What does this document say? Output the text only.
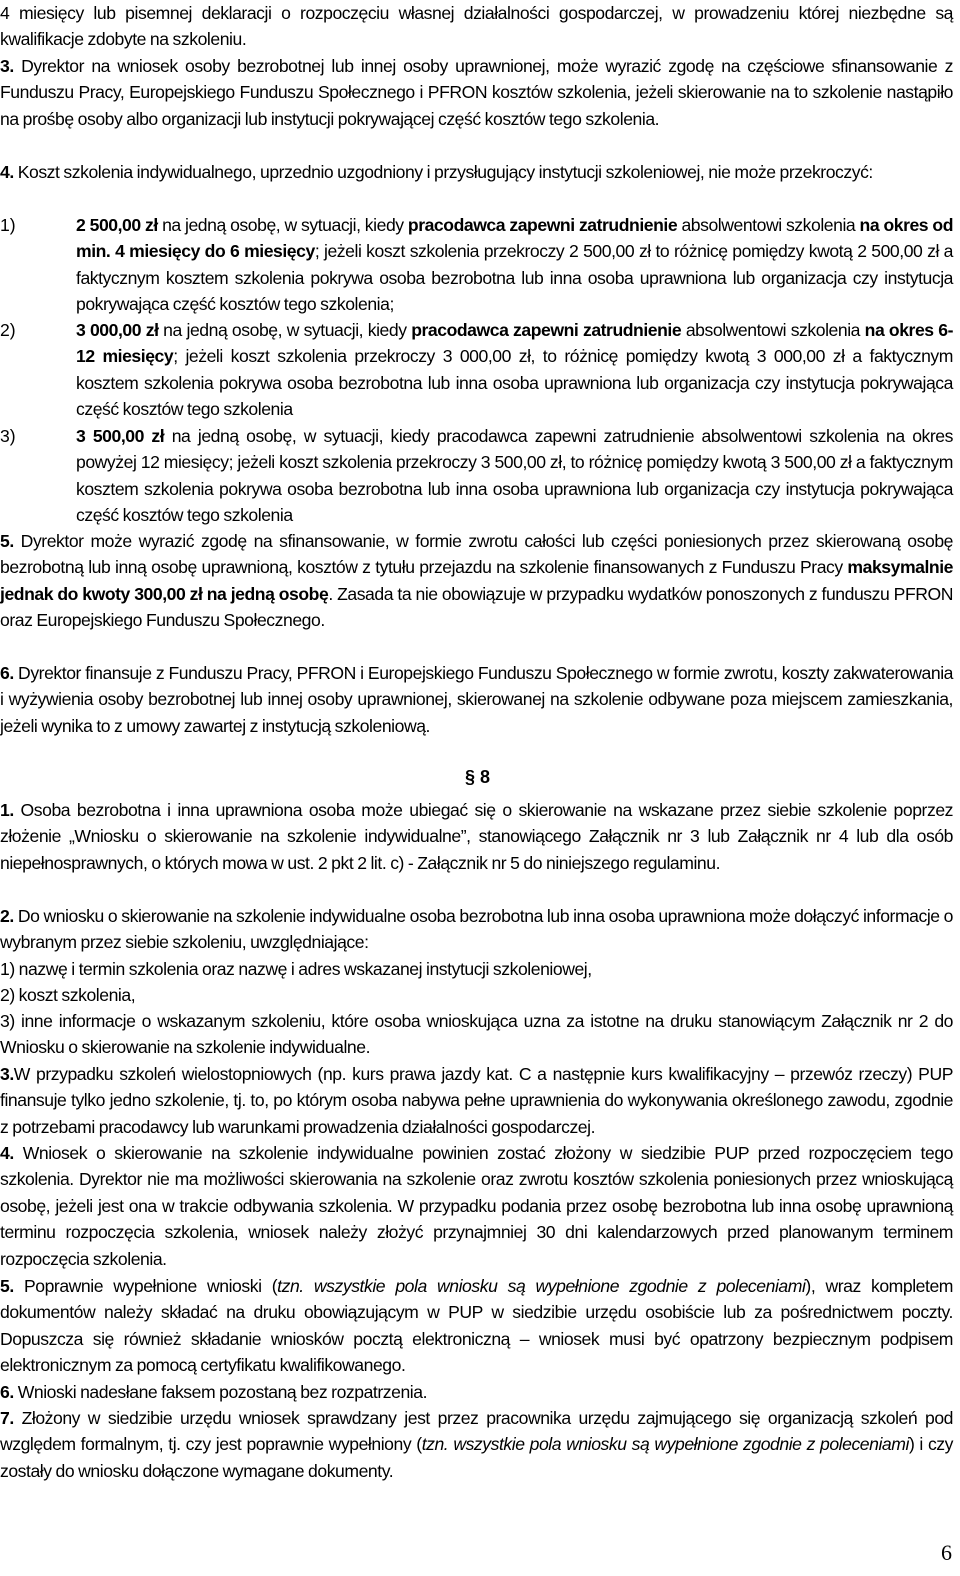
4 miesięcy lub pisemnej deklaracji o rozpoczęciu własnej działalności gospodarczej, w prowadzeniu której niezbędne są kwalifikacje zdobyte na szkoleniu.
3. Dyrektor na wniosek osoby bezrobotnej lub innej osoby uprawnionej, może wyrazić zgodę na częściowe sfinansowanie z Funduszu Pracy, Europejskiego Funduszu Społecznego i PFRON kosztów szkolenia, jeżeli skierowanie na to szkolenie nastąpiło na prośbę osoby albo organizacji lub instytucji pokrywającej część kosztów tego szkolenia.
4. Koszt szkolenia indywidualnego, uprzednio uzgodniony i przysługujący instytucji szkoleniowej, nie może przekroczyć:
1)	2 500,00 zł na jedną osobę, w sytuacji, kiedy pracodawca zapewni zatrudnienie absolwentowi szkolenia na okres od min. 4 miesięcy do 6 miesięcy; jeżeli koszt szkolenia przekroczy 2 500,00 zł to różnicę pomiędzy kwotą 2 500,00 zł a faktycznym kosztem szkolenia pokrywa osoba bezrobotna lub inna osoba uprawniona lub organizacja czy instytucja pokrywająca część kosztów tego szkolenia;
2)	3 000,00 zł na jedną osobę, w sytuacji, kiedy pracodawca zapewni zatrudnienie absolwentowi szkolenia na okres 6-12 miesięcy; jeżeli koszt szkolenia przekroczy 3 000,00 zł, to różnicę pomiędzy kwotą 3 000,00 zł a faktycznym kosztem szkolenia pokrywa osoba bezrobotna lub inna osoba uprawniona lub organizacja czy instytucja pokrywająca część kosztów tego szkolenia
3)	3 500,00 zł na jedną osobę, w sytuacji, kiedy pracodawca zapewni zatrudnienie absolwentowi szkolenia na okres powyżej 12 miesięcy; jeżeli koszt szkolenia przekroczy 3 500,00 zł, to różnicę pomiędzy kwotą 3 500,00 zł a faktycznym kosztem szkolenia pokrywa osoba bezrobotna lub inna osoba uprawniona lub organizacja czy instytucja pokrywająca część kosztów tego szkolenia
5. Dyrektor może wyrazić zgodę na sfinansowanie, w formie zwrotu całości lub części poniesionych przez skierowaną osobę bezrobotną lub inną osobę uprawnioną, kosztów z tytułu przejazdu na szkolenie finansowanych z Funduszu Pracy maksymalnie jednak do kwoty 300,00 zł na jedną osobę. Zasada ta nie obowiązuje w przypadku wydatków ponoszonych z funduszu PFRON oraz Europejskiego Funduszu Społecznego.
6. Dyrektor finansuje z Funduszu Pracy, PFRON i Europejskiego Funduszu Społecznego w formie zwrotu, koszty zakwaterowania i wyżywienia osoby bezrobotnej lub innej osoby uprawnionej, skierowanej na szkolenie odbywane poza miejscem zamieszkania, jeżeli wynika to z umowy zawartej z instytucją szkoleniową.
§ 8
1. Osoba bezrobotna i inna uprawniona osoba może ubiegać się o skierowanie na wskazane przez siebie szkolenie poprzez złożenie „Wniosku o skierowanie na szkolenie indywidualne”, stanowiącego Załącznik nr 3 lub Załącznik nr 4 lub dla osób niepełnosprawnych, o których mowa w ust. 2 pkt 2 lit. c) - Załącznik nr 5 do niniejszego regulaminu.
2. Do wniosku o skierowanie na szkolenie indywidualne osoba bezrobotna lub inna osoba uprawniona może dołączyć informacje o wybranym przez siebie szkoleniu, uwzględniające:
1) nazwę i termin szkolenia oraz nazwę i adres wskazanej instytucji szkoleniowej,
2) koszt szkolenia,
3) inne informacje o wskazanym szkoleniu, które osoba wnioskująca uzna za istotne na druku stanowiącym Załącznik nr 2 do Wniosku o skierowanie na szkolenie indywidualne.
3.W przypadku szkoleń wielostopniowych (np. kurs prawa jazdy kat. C a następnie kurs kwalifikacyjny – przewóz rzeczy) PUP finansuje tylko jedno szkolenie, tj. to, po którym osoba nabywa pełne uprawnienia do wykonywania określonego zawodu, zgodnie z potrzebami pracodawcy lub warunkami prowadzenia działalności gospodarczej.
4. Wniosek o skierowanie na szkolenie indywidualne powinien zostać złożony w siedzibie PUP przed rozpoczęciem tego szkolenia. Dyrektor nie ma możliwości skierowania na szkolenie oraz zwrotu kosztów szkolenia poniesionych przez wnioskującą osobę, jeżeli jest ona w trakcie odbywania szkolenia. W przypadku podania przez osobę bezrobotna lub inna osobę uprawnioną terminu rozpoczęcia szkolenia, wniosek należy złożyć przynajmniej 30 dni kalendarzowych przed planowanym terminem rozpoczęcia szkolenia.
5. Poprawnie wypełnione wnioski (tzn. wszystkie pola wniosku są wypełnione zgodnie z poleceniami), wraz kompletem dokumentów należy składać na druku obowiązującym w PUP w siedzibie urzędu osobiście lub za pośrednictwem poczty. Dopuszcza się również składanie wniosków pocztą elektroniczną – wniosek musi być opatrzony bezpiecznym podpisem elektronicznym za pomocą certyfikatu kwalifikowanego.
6. Wnioski nadesłane faksem pozostaną bez rozpatrzenia.
7. Złożony w siedzibie urzędu wniosek sprawdzany jest przez pracownika urzędu zajmującego się organizacją szkoleń pod względem formalnym, tj. czy jest poprawnie wypełniony (tzn. wszystkie pola wniosku są wypełnione zgodnie z poleceniami) i czy zostały do wniosku dołączone wymagane dokumenty.
6
